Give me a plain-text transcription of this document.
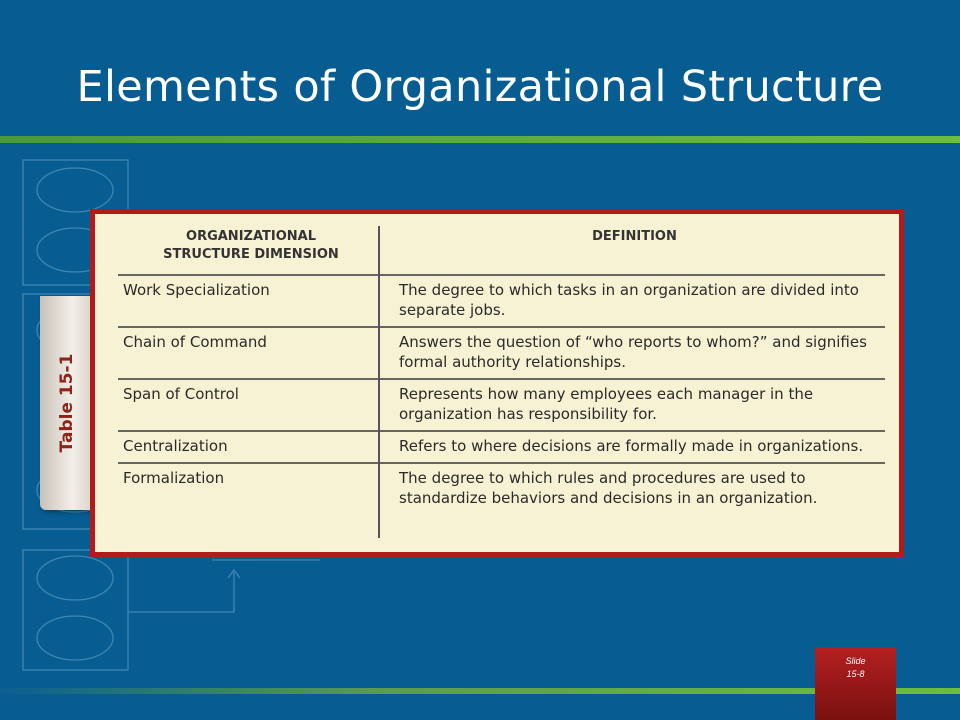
Elements of Organizational Structure
Table 15-1
ORGANIZATIONAL
STRUCTURE DIMENSION	DEFINITION
Work Specialization	The degree to which tasks in an organization are divided into separate jobs.
Chain of Command	Answers the question of “who reports to whom?” and signifies formal authority relationships.
Span of Control	Represents how many employees each manager in the organization has responsibility for.
Centralization	Refers to where decisions are formally made in organizations.
Formalization	The degree to which rules and procedures are used to standardize behaviors and decisions in an organization.
Slide
15-8
